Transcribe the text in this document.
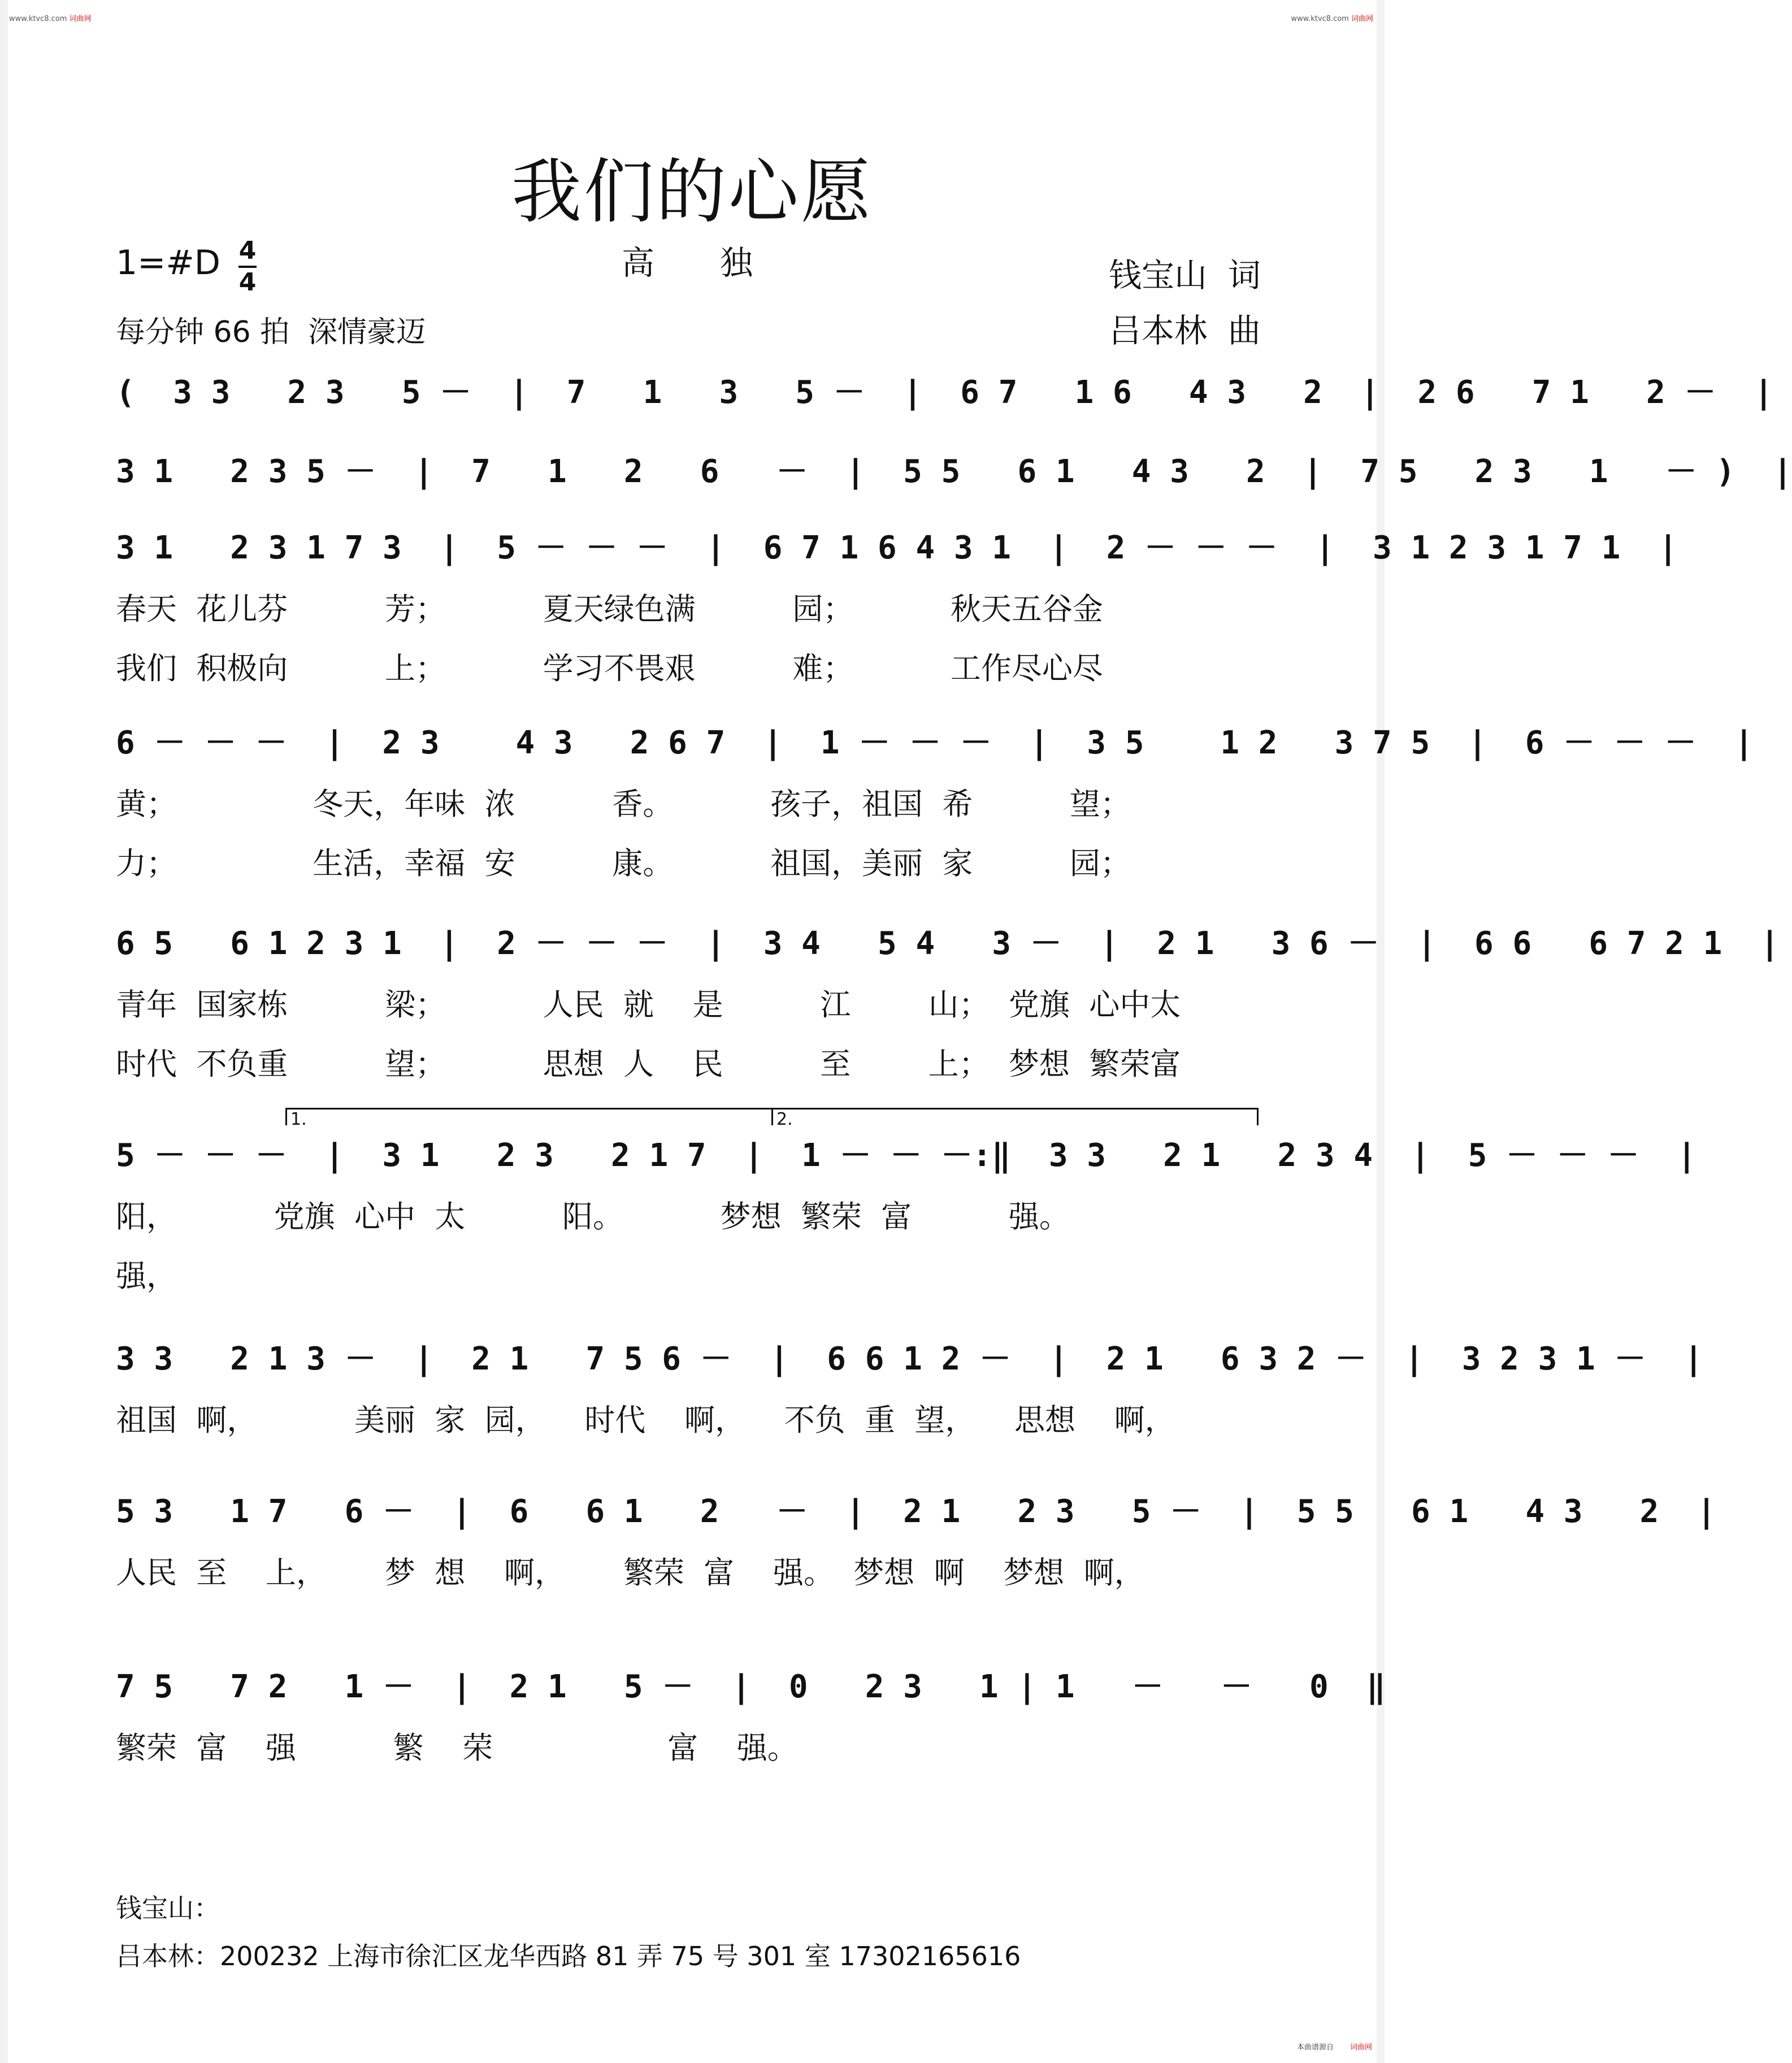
www.ktvc8.com 词曲网	www.ktvc8.com 词曲网
我们的心愿
1=#D 4
4
高　　独	钱宝山  词
每分钟 66 拍  深情豪迈	吕本林  曲
(  3 3   2 3   5 －  |  7   1   3   5 －  |  6 7   1 6   4 3   2  |  2 6   7 1   2 －  |
3 1   2 3 5 －  |  7   1   2   6   －  |  5 5   6 1   4 3   2  |  7 5   2 3   1   － )  |
3 1   2 3 1 7 3  |  5 － － －  |  6 7 1 6 4 3 1  |  2 － － －  |  3 1 2 3 1 7 1  |
春天  花儿芬          芳；          夏天绿色满          园；          秋天五谷金
我们  积极向          上；          学习不畏艰          难；          工作尽心尽
6 － － －  |  2 3    4 3   2 6 7  |  1 － － －  |  3 5    1 2   3 7 5  |  6 － － －  |
黄；              冬天，年味  浓          香。          孩子，祖国  希          望；
力；              生活，幸福  安          康。          祖国，美丽  家          园；
6 5   6 1 2 3 1  |  2 － － －  |  3 4   5 4   3 －  |  2 1   3 6 －  |  6 6   6 7 2 1  |
青年  国家栋          梁；          人民  就    是          江        山；  党旗  心中太
时代  不负重          望；          思想  人    民          至        上；  梦想  繁荣富
1.	2.
5 － － －  |  3 1   2 3   2 1 7  |  1 － － －:‖  3 3   2 1   2 3 4  |  5 － － －  |
阳，          党旗  心中  太          阳。          梦想  繁荣  富          强。
强，
3 3   2 1 3 －  |  2 1   7 5 6 －  |  6 6 1 2 －  |  2 1   6 3 2 －  |  3 2 3 1 －  |
祖国  啊，          美丽  家  园，    时代    啊，    不负  重  望，    思想    啊，
5 3   1 7   6 －  |  6   6 1   2   －  |  2 1   2 3   5 －  |  5 5   6 1   4 3   2  |
人民  至    上，      梦  想    啊，      繁荣  富    强。  梦想  啊    梦想  啊，
7 5   7 2   1 －  |  2 1   5 －  |  0   2 3   1 | 1   －   －   0  ‖
繁荣  富    强          繁    荣                  富    强。
钱宝山：
吕本林：200232 上海市徐汇区龙华西路 81 弄 75 号 301 室 17302165616
本曲谱源自 词曲网
